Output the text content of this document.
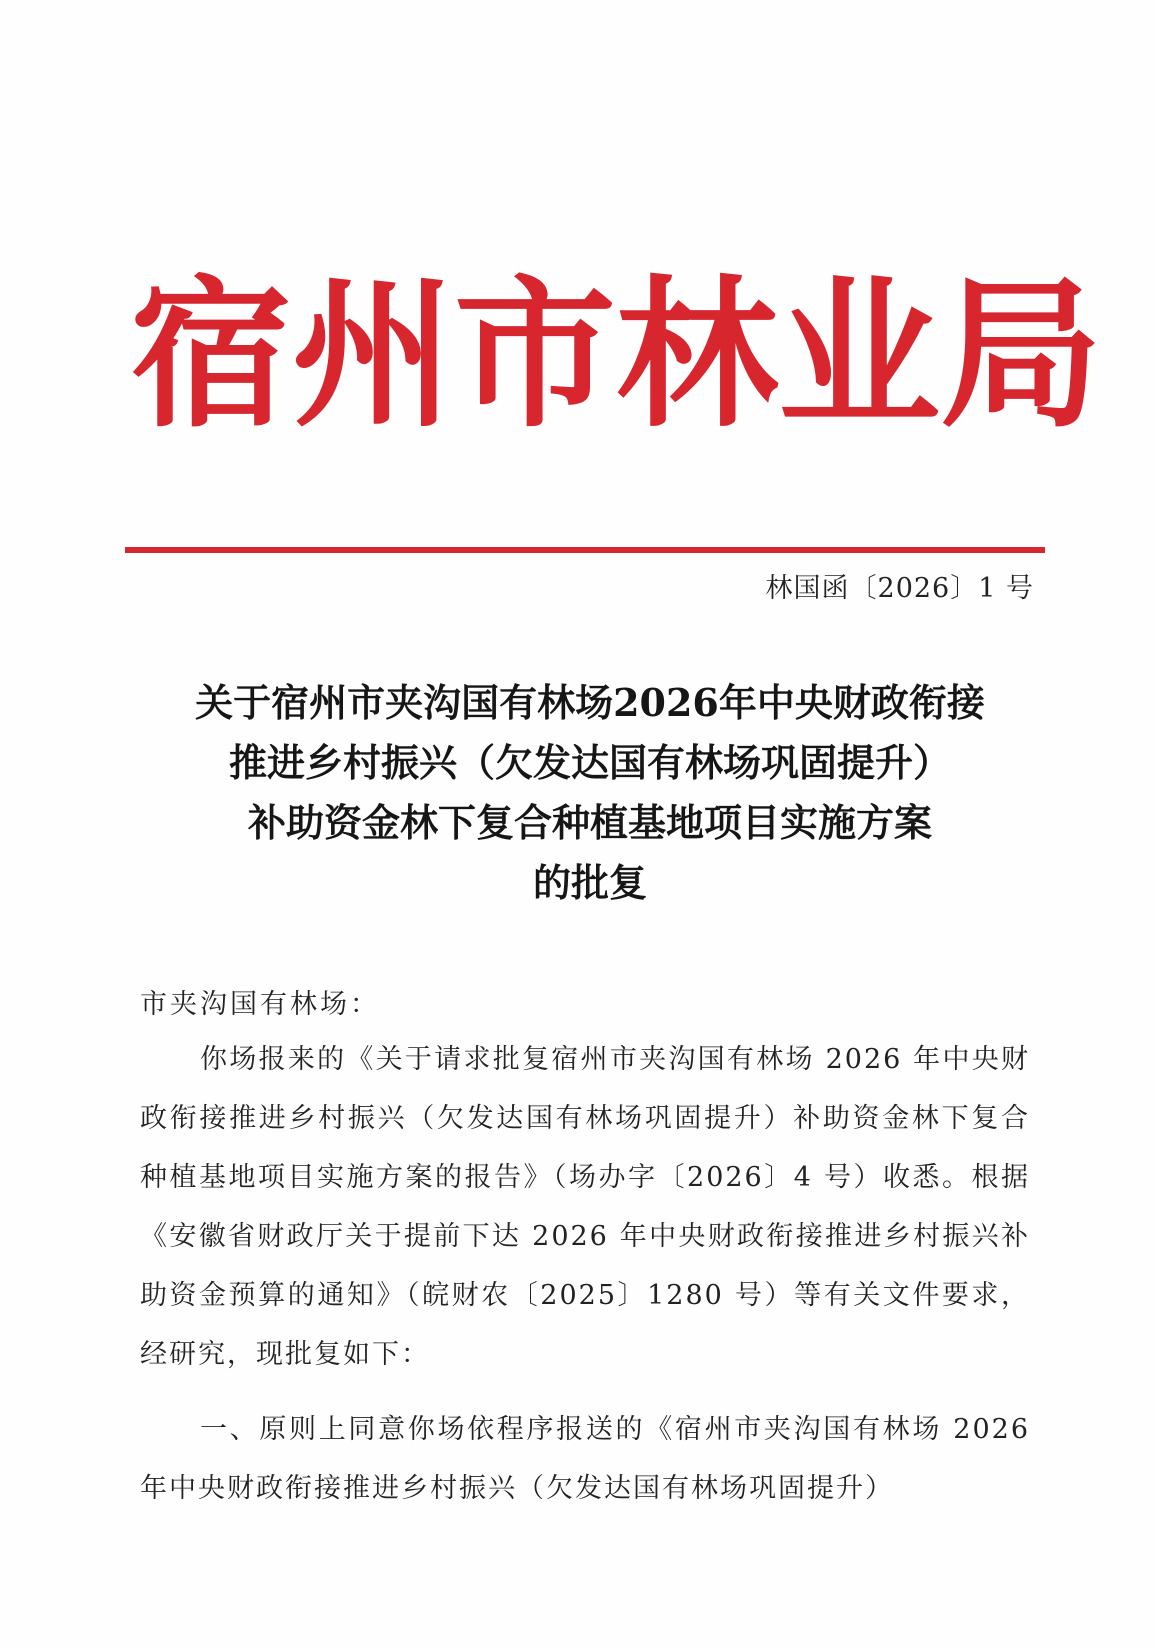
宿 州 市 林 业 局
林国函〔2026〕1 号
关于宿州市夹沟国有林场2026年中央财政衔接
推进乡村振兴（欠发达国有林场巩固提升）
补助资金林下复合种植基地项目实施方案
的批复
市夹沟国有林场：

你场报来的《关于请求批复宿州市夹沟国有林场 2026 年中央财政衔接推进乡村振兴（欠发达国有林场巩固提升）补助资金林下复合种植基地项目实施方案的报告》（场办字〔2026〕4 号）收悉。根据《安徽省财政厅关于提前下达 2026 年中央财政衔接推进乡村振兴补助资金预算的通知》（皖财农〔2025〕1280 号）等有关文件要求，经研究，现批复如下：

一、原则上同意你场依程序报送的《宿州市夹沟国有林场 2026 年中央财政衔接推进乡村振兴（欠发达国有林场巩固提升）
